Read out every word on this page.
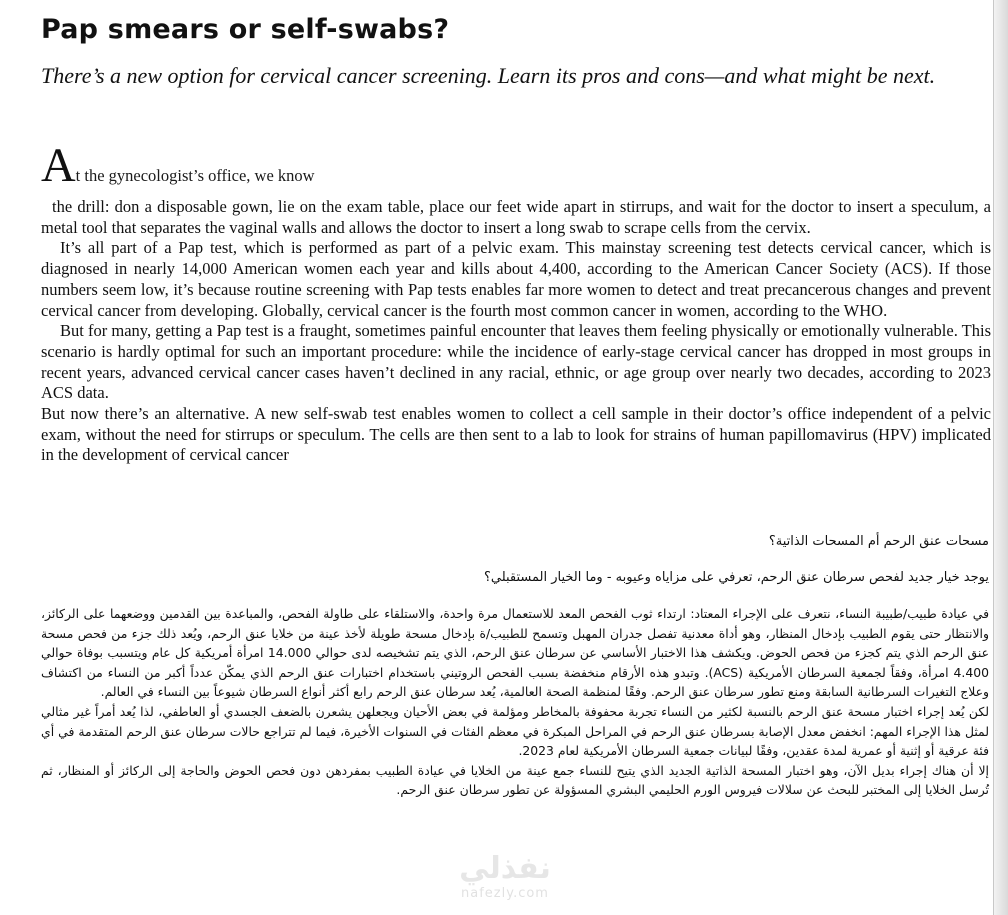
Pap smears or self-swabs?

There’s a new option for cervical cancer screening. Learn its pros and cons—and what might be next.

At the gynecologist’s office, we know

the drill: don a disposable gown, lie on the exam table, place our feet wide apart in stirrups, and wait for the doctor to insert a speculum, a metal tool that separates the vaginal walls and allows the doctor to insert a long swab to scrape cells from the cervix.

It’s all part of a Pap test, which is performed as part of a pelvic exam. This mainstay screening test detects cervical cancer, which is diagnosed in nearly 14,000 American women each year and kills about 4,400, according to the American Cancer Society (ACS). If those numbers seem low, it’s because routine screening with Pap tests enables far more women to detect and treat precancerous changes and prevent cervical cancer from developing. Globally, cervical cancer is the fourth most common cancer in women, according to the WHO.

But for many, getting a Pap test is a fraught, sometimes painful encounter that leaves them feeling physically or emotionally vulnerable. This scenario is hardly optimal for such an important procedure: while the incidence of early-stage cervical cancer has dropped in most groups in recent years, advanced cervical cancer cases haven’t declined in any racial, ethnic, or age group over nearly two decades, according to 2023 ACS data.

But now there’s an alternative. A new self-swab test enables women to collect a cell sample in their doctor’s office independent of a pelvic exam, without the need for stirrups or speculum. The cells are then sent to a lab to look for strains of human papillomavirus (HPV) implicated in the development of cervical cancer

مسحات عنق الرحم أم المسحات الذاتية؟

يوجد خيار جديد لفحص سرطان عنق الرحم، تعرفي على مزاياه وعيوبه - وما الخيار المستقبلي؟

في عيادة طبيب/طبيبة النساء، نتعرف على الإجراء المعتاد: ارتداء ثوب الفحص المعد للاستعمال مرة واحدة، والاستلقاء على طاولة الفحص، والمباعدة بين القدمين ووضعهما على الركائز، والانتظار حتى يقوم الطبيب بإدخال المنظار، وهو أداة معدنية تفصل جدران المهبل وتسمح للطبيب/ة بإدخال مسحة طويلة لأخذ عينة من خلايا عنق الرحم، ويُعد ذلك جزء من فحص مسحة عنق الرحم الذي يتم كجزء من فحص الحوض. ويكشف هذا الاختبار الأساسي عن سرطان عنق الرحم، الذي يتم تشخيصه لدى حوالي 14.000 امرأة أمريكية كل عام ويتسبب بوفاة حوالي 4.400 امرأة، وفقاً لجمعية السرطان الأمريكية (ACS). وتبدو هذه الأرقام منخفضة بسبب الفحص الروتيني باستخدام اختبارات عنق الرحم الذي يمكّن عدداً أكبر من النساء من اكتشاف وعلاج التغيرات السرطانية السابقة ومنع تطور سرطان عنق الرحم. وفقًا لمنظمة الصحة العالمية، يُعد سرطان عنق الرحم رابع أكثر أنواع السرطان شيوعاً بين النساء في العالم.

لكن يُعد إجراء اختبار مسحة عنق الرحم بالنسبة لكثير من النساء تجربة محفوفة بالمخاطر ومؤلمة في بعض الأحيان ويجعلهن يشعرن بالضعف الجسدي أو العاطفي، لذا يُعد أمراً غير مثالي لمثل هذا الإجراء المهم: انخفض معدل الإصابة بسرطان عنق الرحم في المراحل المبكرة في معظم الفئات في السنوات الأخيرة، فيما لم تتراجع حالات سرطان عنق الرحم المتقدمة في أي فئة عرقية أو إثنية أو عمرية لمدة عقدين، وفقًا لبيانات جمعية السرطان الأمريكية لعام 2023.

إلا أن هناك إجراء بديل الآن، وهو اختبار المسحة الذاتية الجديد الذي يتيح للنساء جمع عينة من الخلايا في عيادة الطبيب بمفردهن دون فحص الحوض والحاجة إلى الركائز أو المنظار، ثم تُرسل الخلايا إلى المختبر للبحث عن سلالات فيروس الورم الحليمي البشري المسؤولة عن تطور سرطان عنق الرحم.

نفذلي
nafezly.com
